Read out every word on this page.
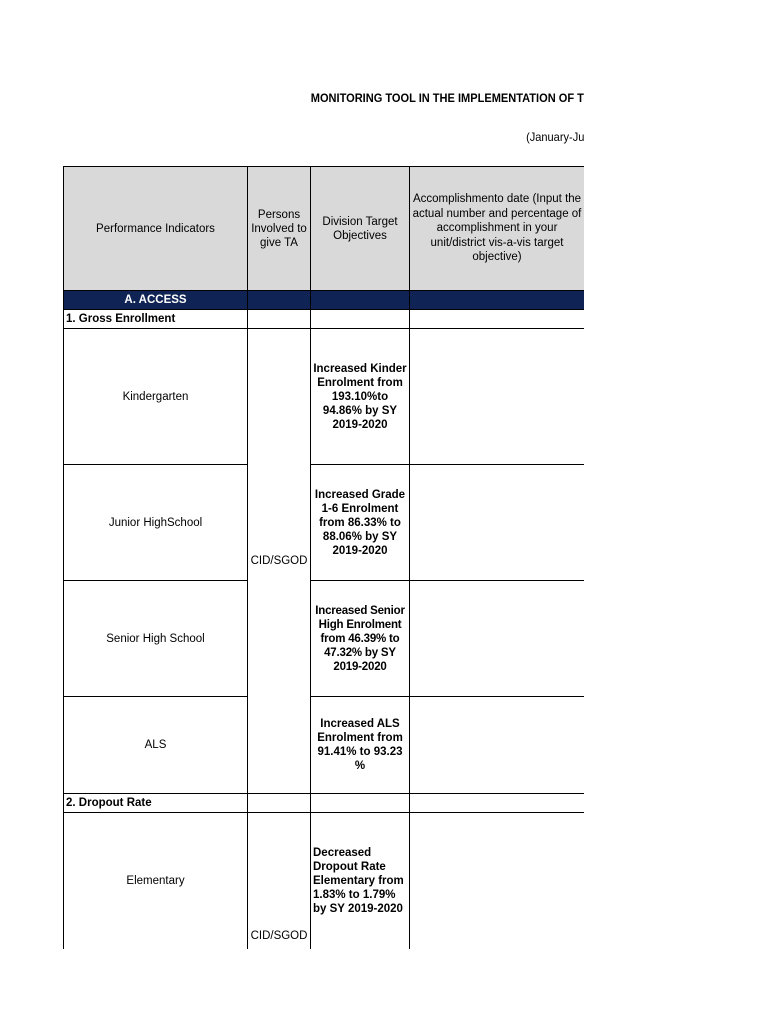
MONITORING TOOL IN THE IMPLEMENTATION OF T
(January-Ju
Performance Indicators	Persons Involved to give TA	Division Target Objectives	Accomplishmento date (Input the actual number and percentage of accomplishment in your unit/district vis-a-vis target objective)
A. ACCESS			
1. Gross Enrollment			
Kindergarten	CID/SGOD	Increased Kinder Enrolment from 193.10%to 94.86% by SY 2019-2020	
Junior HighSchool		Increased Grade 1-6 Enrolment from 86.33% to 88.06% by SY 2019-2020	
Senior High School		Increased Senior High Enrolment from 46.39% to 47.32% by SY 2019-2020	
ALS		Increased ALS Enrolment from 91.41% to 93.23 %	
2. Dropout Rate			
Elementary	CID/SGOD	Decreased Dropout Rate Elementary from 1.83% to 1.79% by SY 2019-2020	
